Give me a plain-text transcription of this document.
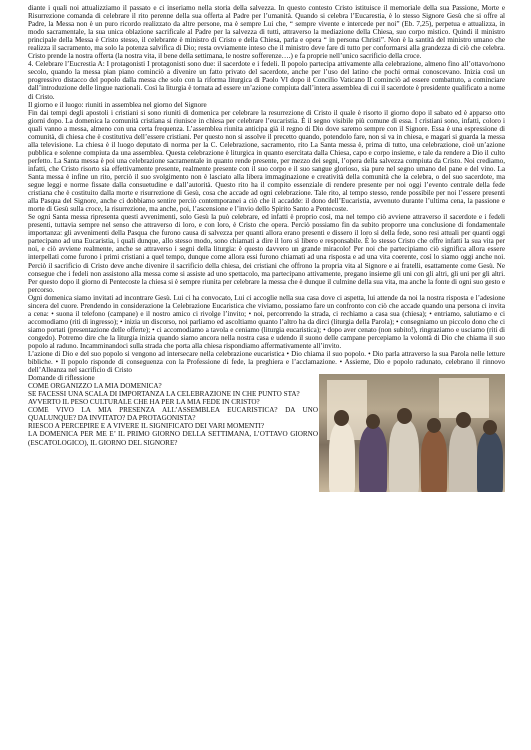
diante i quali noi attualizziamo il passato e ci inseriamo nella storia della salvezza. In questo contesto Cristo istituisce il memoriale della sua Passione, Morte e Risurrezione comanda di celebrare il rito perenne della sua offerta al Padre per l’umanità. Quando si celebra l’Eucarestia, è lo stesso Signore Gesù che si offre al Padre, la Messa non è un puro ricordo realizzato da altre persone, ma è sempre Lui che, “ sempre vivente e intercede per noi” (Eb. 7,25), perpetua e attualizza, in modo sacramentale, la sua unica oblazione sacrificale al Padre per la salvezza di tutti, attraverso la mediazione della Chiesa, suo corpo mistico. Quindi il ministro principale della Messa è Cristo stesso, il celebrante è ministro di Cristo e della Chiesa, parla e opera “ in persona Christi”. Non è la santità del ministro umano che realizza il sacramento, ma solo la potenza salvifica di Dio; resta ovviamente inteso che il ministro deve fare di tutto per conformarsi alla grandezza di ciò che celebra. Cristo prende la nostra offerta (la nostra vita, il bene della settimana, le nostre sofferenze….) e fa proprie nell’unico sacrificio della croce.

4. Celebrare l’Eucrestia A: I protagonisti I protagonisti sono due: il sacerdote e i fedeli. Il popolo partecipa attivamente alla celebrazione, almeno fino all’ottavo/nono secolo, quando la messa pian piano cominciò a divenire un fatto privato del sacerdote, anche per l’uso del latino che pochi ormai conoscevano. Inizia così un progressivo distacco del popolo dalla messa che solo con la riforma liturgica di Paolo VI dopo il Concilio Vaticano II cominciò ad essere combattuto, a cominciare dall’introduzione delle lingue nazionali. Così la liturgia è tornata ad essere un’azione compiuta dall’intera assemblea di cui il sacerdote è presidente qualificato a nome di Cristo.

Il giorno e il luogo: riuniti in assemblea nel giorno del Signore

Fin dai tempi degli apostoli i cristiani si sono riuniti di domenica per celebrare la resurrezione di Cristo il quale è risorto il giorno dopo il sabato ed è apparso otto giorni dopo. La domenica la comunità cristiana si riunisce in chiesa per celebrare l’eucaristia. È il segno visibile più comune di essa. I cristiani sono, infatti, coloro i quali vanno a messa, almeno con una certa frequenza. L’assemblea riunita anticipa già il regno di Dio dove saremo sempre con il Signore. Essa è una espressione di comunità, di chiesa che è costitutiva dell’essere cristiani. Per questo non si assolve il precetto quando, potendolo fare, non si va in chiesa, e magari si guarda la messa alla televisione. La chiesa è il luogo deputato di norma per la C. Celebrazione, sacramento, rito La Santa messa è, prima di tutto, una celebrazione, cioè un’azione pubblica e solenne compiuta da una assemblea. Questa celebrazione è liturgica in quanto esercitata dalla Chiesa, capo e corpo insieme, e tale da rendere a Dio il culto perfetto. La Santa messa è poi una celebrazione sacramentale in quanto rende presente, per mezzo dei segni, l’opera della salvezza compiuta da Cristo. Noi crediamo, infatti, che Cristo risorto sia effettivamente presente, realmente presente con il suo corpo e il suo sangue glorioso, sia pure nel segno umano del pane e del vino. La Santa messa è infine un rito, perciò il suo svolgimento non è lasciato alla libera immaginazione e creatività della comunità che la celebra, o del suo sacerdote, ma segue leggi e norme fissate dalla consuetudine e dall’autorità. Questo rito ha il compito essenziale di rendere presente per noi oggi l’evento centrale della fede cristiana che è costituito dalla morte e risurrezione di Gesù, cosa che accade ad ogni celebrazione. Tale rito, al tempo stesso, rende possibile per noi l’essere presenti alla Pasqua del Signore, anche ci dobbiamo sentire perciò contemporanei a ciò che il accadde: il dono dell’Eucaristia, avvenuto durante l’ultima cena, la passione e morte di Gesù sulla croce, la risurrezione, ma anche, poi, l’ascensione e l’invio dello Spirito Santo a Pentecoste.

Se ogni Santa messa ripresenta questi avvenimenti, solo Gesù la può celebrare, ed infatti è proprio così, ma nel tempo ciò avviene attraverso il sacerdote e i fedeli presenti, tuttavia sempre nel senso che attraverso di loro, e con loro, è Cristo che opera. Perciò possiamo fin da subito proporre una conclusione di fondamentale importanza: gli avvenimenti della Pasqua che furono causa di salvezza per quanti allora erano presenti e dissero il loro sì della fede, sono resi attuali per quanti oggi partecipano ad una Eucaristia, i quali dunque, allo stesso modo, sono chiamati a dire il loro sì libero e responsabile. È lo stesso Cristo che offre infatti la sua vita per noi, e ciò avviene realmente, anche se attraverso i segni della liturgia: è questo davvero un grande miracolo! Per noi che partecipiamo ciò significa allora essere interpellati come furono i primi cristiani a quel tempo, dunque come allora essi furono chiamati ad una risposta e ad una vita coerente, così lo siamo oggi anche noi. Perciò il sacrificio di Cristo deve anche divenire il sacrificio della chiesa, dei cristiani che offrono la propria vita al Signore e ai fratelli, esattamente come Gesù. Ne consegue che i fedeli non assistono alla messa come si assiste ad uno spettacolo, ma partecipano attivamente, pregano insieme gli uni con gli altri, gli uni per gli altri. Per questo dopo il giorno di Pentecoste la chiesa si è sempre riunita per celebrare la messa che è dunque il culmine della sua vita, ma anche la fonte di ogni suo gesto e percorso.

Ogni domenica siamo invitati ad incontrare Gesù. Lui ci ha convocato, Lui ci accoglie nella sua casa dove ci aspetta, lui attende da noi la nostra risposta e l’adesione sincera del cuore. Prendendo in considerazione la Celebrazione Eucaristica che viviamo, possiamo fare un confronto con ciò che accade quando una persona ci invita a cena: • suona il telefono (campane) e il nostro amico ci rivolge l’invito; • noi, percorrendo la strada, ci rechiamo a casa sua (chiesa); • entriamo, salutiamo e ci accomodiamo (riti di ingresso); • inizia un discorso, noi parliamo ed ascoltiamo quanto l’altro ha da dirci (liturgia della Parola); • consegniamo un piccolo dono che ci siamo portati (presentazione delle offerte); • ci accomodiamo a tavola e ceniamo (liturgia eucaristica); • dopo aver cenato (non subito!), ringraziamo e usciamo (riti di congedo). Potremo dire che la liturgia inizia quando siamo ancora nella nostra casa e udendo il suono delle campane percepiamo la volontà di Dio che chiama il suo popolo al raduno. Incamminandoci sulla strada che porta alla chiesa rispondiamo affermativamente all’invito.

L’azione di Dio e del suo popolo si vengono ad intersecare nella celebrazione eucaristica • Dio chiama il suo popolo. • Dio parla attraverso la sua Parola nelle letture bibliche. • Il popolo risponde di conseguenza con la Professione di fede, la preghiera e l’acclamazione. • Assieme, Dio e popolo radunato, celebrano il rinnovo dell’Alleanza nel sacrificio di Cristo

Domande di riflessione

COME ORGANIZZO LA MIA DOMENICA?

SE FACESSI UNA SCALA DI IMPORTANZA LA CELEBRAZIONE IN CHE PUNTO STA?

AVVERTO IL PESO CULTURALE CHE HA PER LA MIA FEDE IN CRISTO?

COME VIVO LA MIA PRESENZA ALL’ASSEMBLEA EUCARISTICA? DA UNO QUALUNQUE? DA INVITATO? DA PROTAGONISTA?

RIESCO A PERCEPIRE E A VIVERE IL SIGNIFICATO DEI VARI MOMENTI?

LA DOMENICA PER ME E’ IL PRIMO GIORNO DELLA SETTIMANA, L’OTTAVO GIORNO (ESCATOLOGICO), IL GIORNO DEL SIGNORE?
